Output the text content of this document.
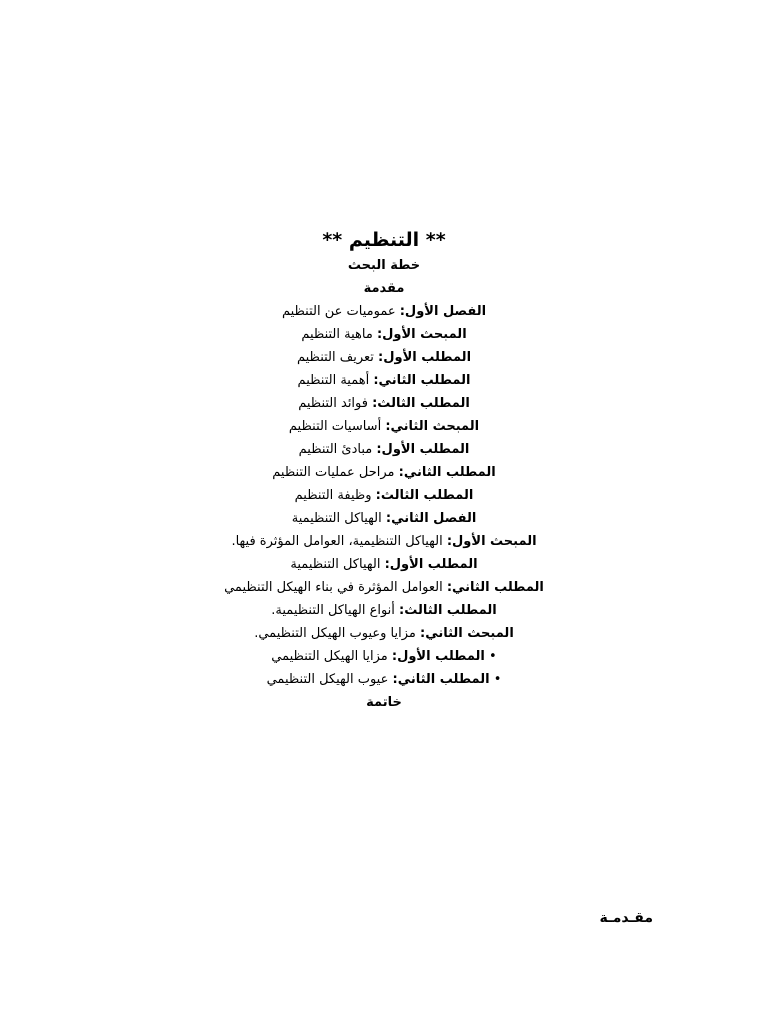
** التنظيم **
خطة البحث
مقدمة
الفصل الأول: عموميات عن التنظيم
المبحث الأول: ماهية التنظيم
المطلب الأول: تعريف التنظيم
المطلب الثاني: أهمية التنظيم
المطلب الثالث: فوائد التنظيم
المبحث الثاني: أساسيات التنظيم
المطلب الأول: مبادئ التنظيم
المطلب الثاني: مراحل عمليات التنظيم
المطلب الثالث: وظيفة التنظيم
الفصل الثاني: الهياكل التنظيمية
المبحث الأول: الهياكل التنظيمية، العوامل المؤثرة فيها.
المطلب الأول: الهياكل التنظيمية
المطلب الثاني: العوامل المؤثرة في بناء الهيكل التنظيمي
المطلب الثالث: أنواع الهياكل التنظيمية.
المبحث الثاني: مزايا وعيوب الهيكل التنظيمي.
• المطلب الأول: مزايا الهيكل التنظيمي
• المطلب الثاني: عيوب الهيكل التنظيمي
خاتمة
مقـدمـة
